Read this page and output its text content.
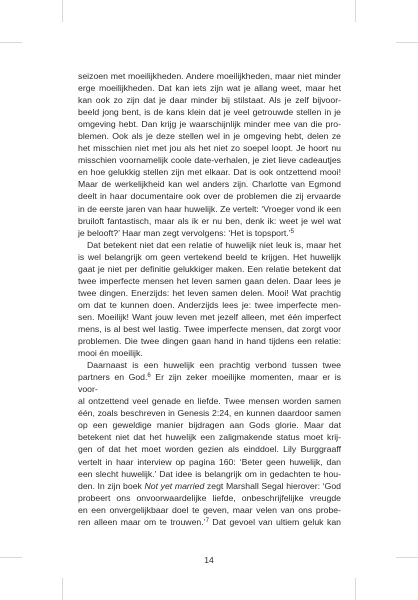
seizoen met moeilijkheden. Andere moeilijkheden, maar niet minder
erge moeilijkheden. Dat kan iets zijn wat je allang weet, maar het
kan ook zo zijn dat je daar minder bij stilstaat. Als je zelf bijvoor-
beeld jong bent, is de kans klein dat je veel getrouwde stellen in je
omgeving hebt. Dan krijg je waarschijnlijk minder mee van die pro-
blemen. Ook als je deze stellen wel in je omgeving hebt, delen ze
het misschien niet met jou als het niet zo soepel loopt. Je hoort nu
misschien voornamelijk coole date-verhalen, je ziet lieve cadeautjes
en hoe gelukkig stellen zijn met elkaar. Dat is ook ontzettend mooi!
Maar de werkelijkheid kan wel anders zijn. Charlotte van Egmond
deelt in haar documentaire ook over de problemen die zij ervaarde
in de eerste jaren van haar huwelijk. Ze vertelt: ‘Vroeger vond ik een
bruiloft fantastisch, maar als ik er nu ben, denk ik: weet je wel wat
je belooft?’ Haar man zegt vervolgens: ‘Het is topsport.’$^5$

Dat betekent niet dat een relatie of huwelijk niet leuk is, maar het
is wel belangrijk om geen vertekend beeld te krijgen. Het huwelijk
gaat je niet per definitie gelukkiger maken. Een relatie betekent dat
twee imperfecte mensen het leven samen gaan delen. Daar lees je
twee dingen. Enerzijds: het leven samen delen. Mooi! Wat prachtig
om dat te kunnen doen. Anderzijds lees je: twee imperfecte men-
sen. Moeilijk! Want jouw leven met jezelf alleen, met één imperfect
mens, is al best wel lastig. Twee imperfecte mensen, dat zorgt voor
problemen. Die twee dingen gaan hand in hand tijdens een relatie:
mooi én moeilijk.

Daarnaast is een huwelijk een prachtig verbond tussen twee
partners en God.$^6$ Er zijn zeker moeilijke momenten, maar er is voor-
al ontzettend veel genade en liefde. Twee mensen worden samen
één, zoals beschreven in Genesis 2:24, en kunnen daardoor samen
op een geweldige manier bijdragen aan Gods glorie. Maar dat
betekent niet dat het huwelijk een zaligmakende status moet krij-
gen of dat het moet worden gezien als einddoel. Lily Burggraaff
vertelt in haar interview op pagina 160: ‘Beter geen huwelijk, dan
een slecht huwelijk.’ Dat idee is belangrijk om in gedachten te hou-
den. In zijn boek Not yet married zegt Marshall Segal hierover: ‘God
probeert ons onvoorwaardelijke liefde, onbeschrijfelijke vreugde
en een onvergelijkbaar doel te geven, maar velen van ons probe-
ren alleen maar om te trouwen.’$^7$ Dat gevoel van ultiem geluk kan

14
